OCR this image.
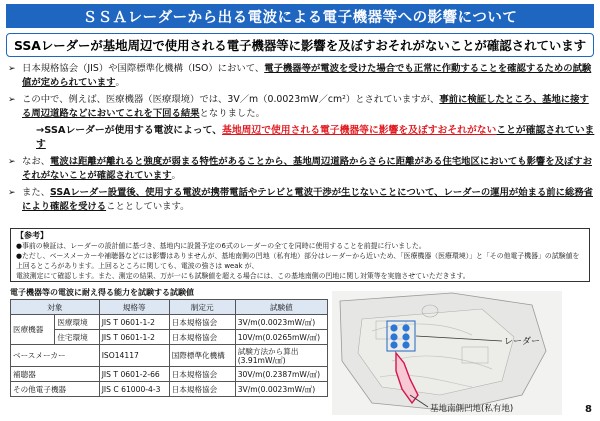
ＳＳＡレーダーから出る電波による電子機器等への影響について
SSAレーダーが基地周辺で使用される電子機器等に影響を及ぼすおそれがないことが確認されています
➢ 日本規格協会（JIS）や国際標準化機構（ISO）において、電子機器等が電波を受けた場合でも正常に作動することを確認するための試験値が定められています。
➢ この中で、例えば、医療機器（医療環境）では、3V／m（0.0023mW／cm²）とされていますが、事前に検証したところ、基地に接する周辺道路などにおいてこれを下回る結果となりました。
→SSAレーダーが使用する電波によって、基地周辺で使用される電子機器等に影響を及ぼすおそれがないことが確認されています
➢ なお、電波は距離が離れると強度が弱まる特性があることから、基地周辺道路からさらに距離がある住宅地区においても影響を及ぼすおそれがないことが確認されています。
➢ また、SSAレーダー設置後、使用する電波が携帯電話やテレビと電波干渉が生じないことについて、レーダーの運用が始まる前に総務省により確認を受けることとしています。
【参考】
●事前の検証は、レーダーの設計値に基づき、基地内に設置予定の6式のレーダーの全てを同時に使用することを前提に行いました。
●ただし、ベースメーカーや補聴器などには影響はありませんが、基地南側の凹地（私有地）部分はレーダーから近いため、「医療機器（医療環境）」と「その他電子機器」の試験値を上回るところがあります。上回るところに関しても、電波の強さは weak が、
電波測定にて確認します。また、測定の結果、万が一にも試験値を超える場合には、この基地南側の凹地に関し対策等を実施させていただきます。
電子機器等の電波に耐え得る能力を試験する試験値
対象		規格等	制定元	試験値
医療機器	医療環境	JIS T 0601-1-2	日本規格協会	3V/m(0.0023mW/㎠)
	住宅環境	JIS T 0601-1-2	日本規格協会	10V/m(0.0265mW/㎠)
ベースメーカー		ISO14117	国際標準化機構	試験方法から算出
(3.91mW/㎠)

補聴器		JIS T 0601-2-66	日本規格協会	30V/m(0.2387mW/㎠)
その他電子機器		JIS C 61000-4-3	日本規格協会	3V/m(0.0023mW/㎠)
レーダー
基地南側凹地(私有地)	8
